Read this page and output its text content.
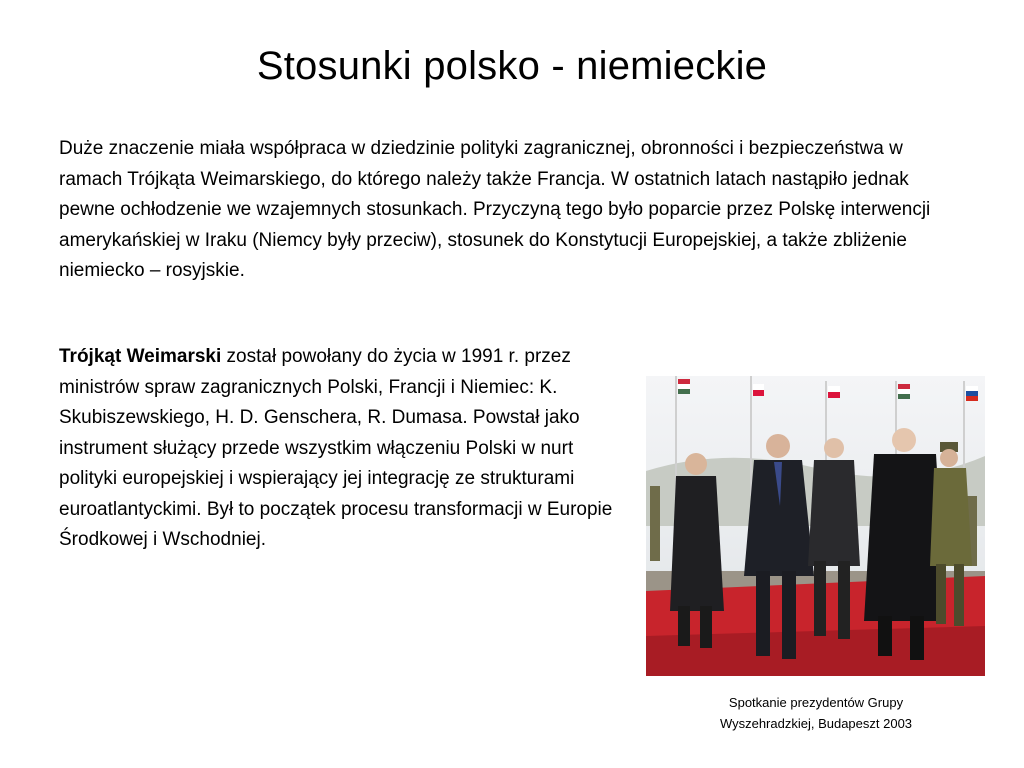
Stosunki polsko - niemieckie
Duże znaczenie miała współpraca w dziedzinie polityki zagranicznej, obronności i bezpieczeństwa w ramach Trójkąta Weimarskiego, do którego należy także Francja. W ostatnich latach nastąpiło jednak pewne ochłodzenie we wzajemnych stosunkach. Przyczyną tego było poparcie przez Polskę interwencji amerykańskiej w Iraku (Niemcy były przeciw), stosunek do Konstytucji Europejskiej, a także zbliżenie niemiecko – rosyjskie.
Trójkąt Weimarski został powołany do życia w 1991 r. przez ministrów spraw zagranicznych Polski, Francji i Niemiec: K. Skubiszewskiego, H. D. Genschera, R. Dumasa. Powstał jako instrument służący przede wszystkim włączeniu Polski w nurt polityki europejskiej i wspierający jej integrację ze strukturami euroatlantyckimi. Był to początek procesu transformacji w Europie Środkowej i Wschodniej.
Spotkanie prezydentów Grupy
Wyszehradzkiej, Budapeszt 2003
